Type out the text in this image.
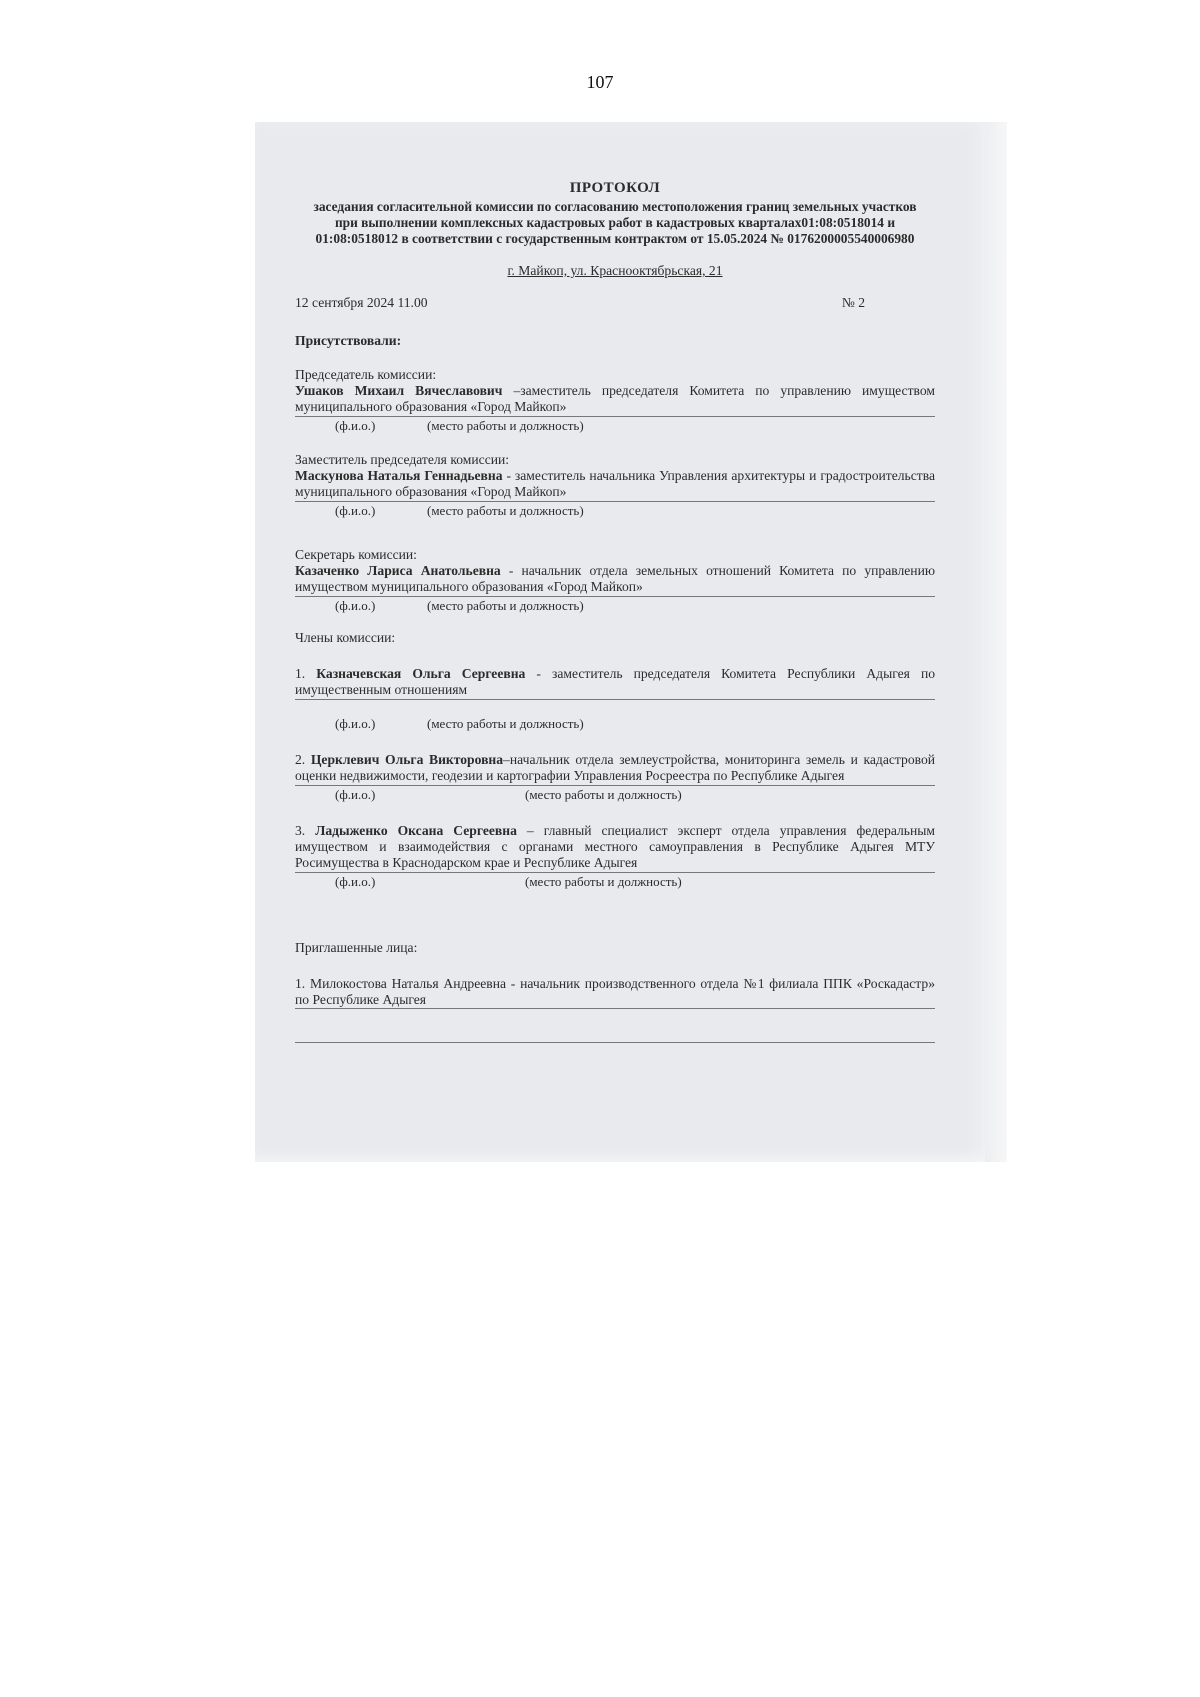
107
ПРОТОКОЛ
заседания согласительной комиссии по согласованию местоположения границ земельных участков при выполнении комплексных кадастровых работ в кадастровых кварталах01:08:0518014 и 01:08:0518012 в соответствии с государственным контрактом от 15.05.2024 № 0176200005540006980
г. Майкоп, ул. Краснооктябрьская, 21
12 сентября 2024 11.00	№ 2
Присутствовали:
Председатель комиссии:
Ушаков Михаил Вячеславович –заместитель председателя Комитета по управлению имуществом муниципального образования «Город Майкоп»
(ф.и.о.)	(место работы и должность)
Заместитель председателя комиссии:
Маскунова Наталья Геннадьевна - заместитель начальника Управления архитектуры и градостроительства муниципального образования «Город Майкоп»
(ф.и.о.)	(место работы и должность)
Секретарь комиссии:
Казаченко Лариса Анатольевна - начальник отдела земельных отношений Комитета по управлению имуществом муниципального образования «Город Майкоп»
(ф.и.о.)	(место работы и должность)
Члены комиссии:
1. Казначевская Ольга Сергеевна - заместитель председателя Комитета Республики Адыгея по имущественным отношениям
(ф.и.о.)	(место работы и должность)
2. Церклевич Ольга Викторовна–начальник отдела землеустройства, мониторинга земель и кадастровой оценки недвижимости, геодезии и картографии Управления Росреестра по Республике Адыгея
(ф.и.о.)	(место работы и должность)
3. Ладыженко Оксана Сергеевна – главный специалист эксперт отдела управления федеральным имуществом и взаимодействия с органами местного самоуправления в Республике Адыгея МТУ Росимущества в Краснодарском крае и Республике Адыгея
(ф.и.о.)	(место работы и должность)
Приглашенные лица:
1. Милокостова Наталья Андреевна - начальник производственного отдела №1 филиала ППК «Роскадастр» по Республике Адыгея
